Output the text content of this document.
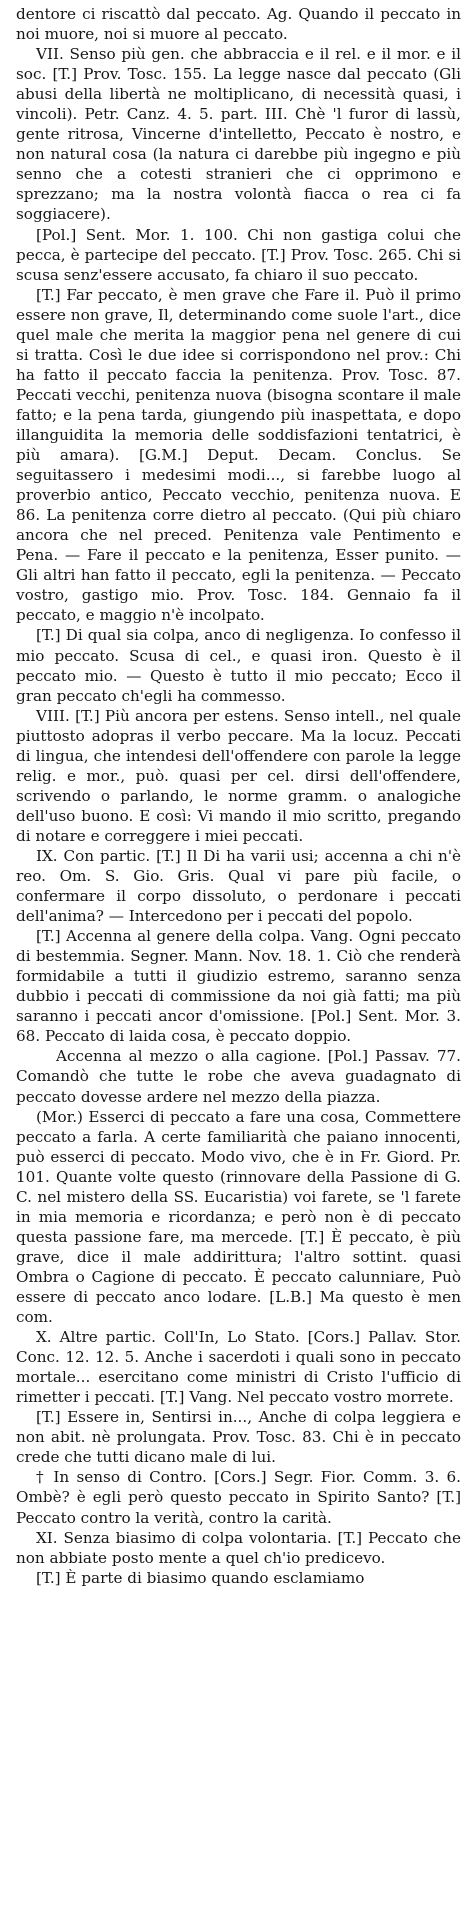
dentore ci riscattò dal peccato. Ag. Quando il peccato in noi muore, noi si muore al peccato.

VII. Senso più gen. che abbraccia e il rel. e il mor. e il soc. [T.] Prov. Tosc. 155. La legge nasce dal peccato (Gli abusi della libertà ne moltiplicano, di necessità quasi, i vincoli). Petr. Canz. 4. 5. part. III. Chè 'l furor di lassù, gente ritrosa, Vincerne d'intelletto, Peccato è nostro, e non natural cosa (la natura ci darebbe più ingegno e più senno che a cotesti stranieri che ci opprimono e sprezzano; ma la nostra volontà fiacca o rea ci fa soggiacere).

[Pol.] Sent. Mor. 1. 100. Chi non gastiga colui che pecca, è partecipe del peccato. [T.] Prov. Tosc. 265. Chi si scusa senz'essere accusato, fa chiaro il suo peccato.

[T.] Far peccato, è men grave che Fare il. Può il primo essere non grave, Il, determinando come suole l'art., dice quel male che merita la maggior pena nel genere di cui si tratta. Così le due idee si corrispondono nel prov.: Chi ha fatto il peccato faccia la penitenza. Prov. Tosc. 87. Peccati vecchi, penitenza nuova (bisogna scontare il male fatto; e la pena tarda, giungendo più inaspettata, e dopo illanguidita la memoria delle soddisfazioni tentatrici, è più amara). [G.M.] Deput. Decam. Conclus. Se seguitassero i medesimi modi..., si farebbe luogo al proverbio antico, Peccato vecchio, penitenza nuova. E 86. La penitenza corre dietro al peccato. (Qui più chiaro ancora che nel preced. Penitenza vale Pentimento e Pena. — Fare il peccato e la penitenza, Esser punito. — Gli altri han fatto il peccato, egli la penitenza. — Peccato vostro, gastigo mio. Prov. Tosc. 184. Gennaio fa il peccato, e maggio n'è incolpato.

[T.] Di qual sia colpa, anco di negligenza. Io confesso il mio peccato. Scusa di cel., e quasi iron. Questo è il peccato mio. — Questo è tutto il mio peccato; Ecco il gran peccato ch'egli ha commesso.

VIII. [T.] Più ancora per estens. Senso intell., nel quale piuttosto adopras il verbo peccare. Ma la locuz. Peccati di lingua, che intendesi dell'offendere con parole la legge relig. e mor., può. quasi per cel. dirsi dell'offendere, scrivendo o parlando, le norme gramm. o analogiche dell'uso buono. E così: Vi mando il mio scritto, pregando di notare e correggere i miei peccati.

IX. Con partic. [T.] Il Di ha varii usi; accenna a chi n'è reo. Om. S. Gio. Gris. Qual vi pare più facile, o confermare il corpo dissoluto, o perdonare i peccati dell'anima? — Intercedono per i peccati del popolo.

[T.] Accenna al genere della colpa. Vang. Ogni peccato di bestemmia. Segner. Mann. Nov. 18. 1. Ciò che renderà formidabile a tutti il giudizio estremo, saranno senza dubbio i peccati di commissione da noi già fatti; ma più saranno i peccati ancor d'omissione. [Pol.] Sent. Mor. 3. 68. Peccato di laida cosa, è peccato doppio.

Accenna al mezzo o alla cagione. [Pol.] Passav. 77. Comandò che tutte le robe che aveva guadagnato di peccato dovesse ardere nel mezzo della piazza.

(Mor.) Esserci di peccato a fare una cosa, Commettere peccato a farla. A certe familiarità che paiano innocenti, può esserci di peccato. Modo vivo, che è in Fr. Giord. Pr. 101. Quante volte questo (rinnovare della Passione di G. C. nel mistero della SS. Eucaristia) voi farete, se 'l farete in mia memoria e ricordanza; e però non è di peccato questa passione fare, ma mercede. [T.] È peccato, è più grave, dice il male addirittura; l'altro sottint. quasi Ombra o Cagione di peccato. È peccato calunniare, Può essere di peccato anco lodare. [L.B.] Ma questo è men com.

X. Altre partic. Coll'In, Lo Stato. [Cors.] Pallav. Stor. Conc. 12. 12. 5. Anche i sacerdoti i quali sono in peccato mortale... esercitano come ministri di Cristo l'ufficio di rimetter i peccati. [T.] Vang. Nel peccato vostro morrete.

[T.] Essere in, Sentirsi in..., Anche di colpa leggiera e non abit. nè prolungata. Prov. Tosc. 83. Chi è in peccato crede che tutti dicano male di lui.

† In senso di Contro. [Cors.] Segr. Fior. Comm. 3. 6. Ombè? è egli però questo peccato in Spirito Santo? [T.] Peccato contro la verità, contro la carità.

XI. Senza biasimo di colpa volontaria. [T.] Peccato che non abbiate posto mente a quel ch'io predicevo.

[T.] È parte di biasimo quando esclamiamo
